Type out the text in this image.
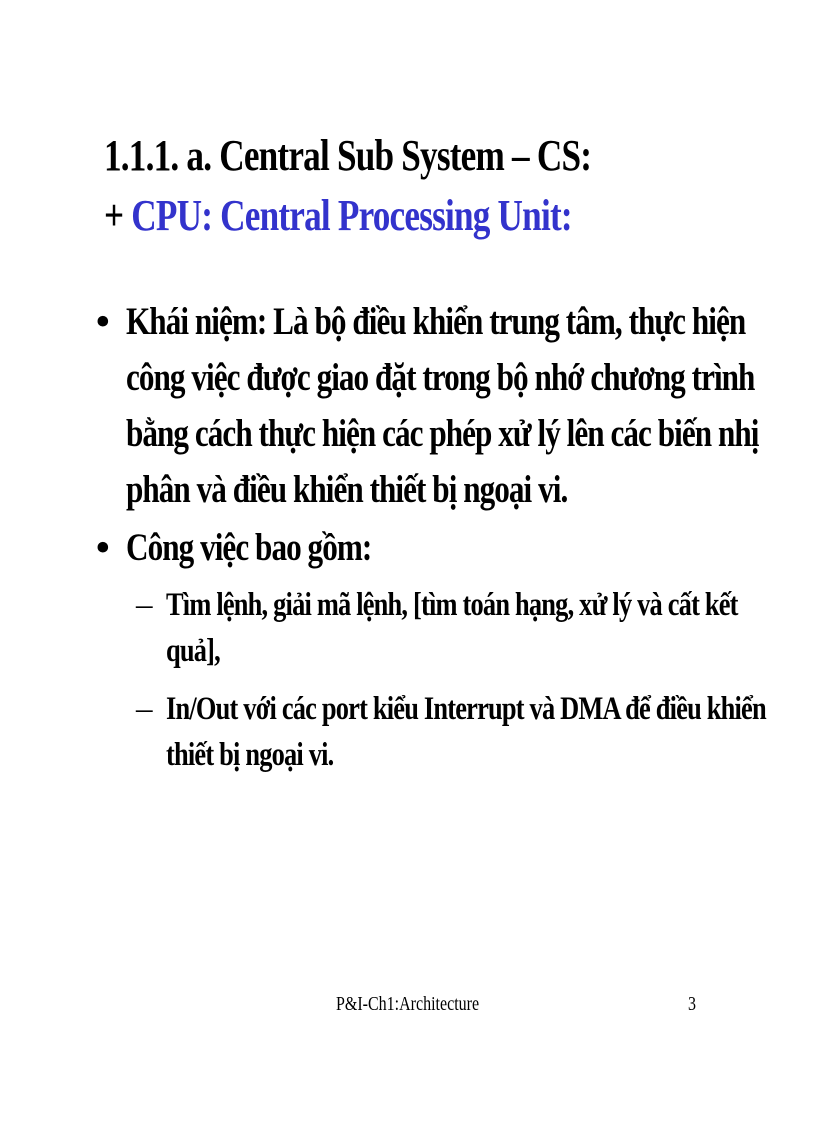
1.1.1. a. Central Sub System – CS:
+ CPU: Central Processing Unit:
• Khái niệm: Là bộ điều khiển trung tâm, thực hiện
công việc được giao đặt trong bộ nhớ chương trình
bằng cách thực hiện các phép xử lý lên các biến nhị
phân và điều khiển thiết bị ngoại vi.
• Công việc bao gồm:
– Tìm lệnh, giải mã lệnh, [tìm toán hạng, xử lý và cất kết
quả],
– In/Out với các port kiểu Interrupt và DMA để điều khiển
thiết bị ngoại vi.
P&I-Ch1:Architecture	3
